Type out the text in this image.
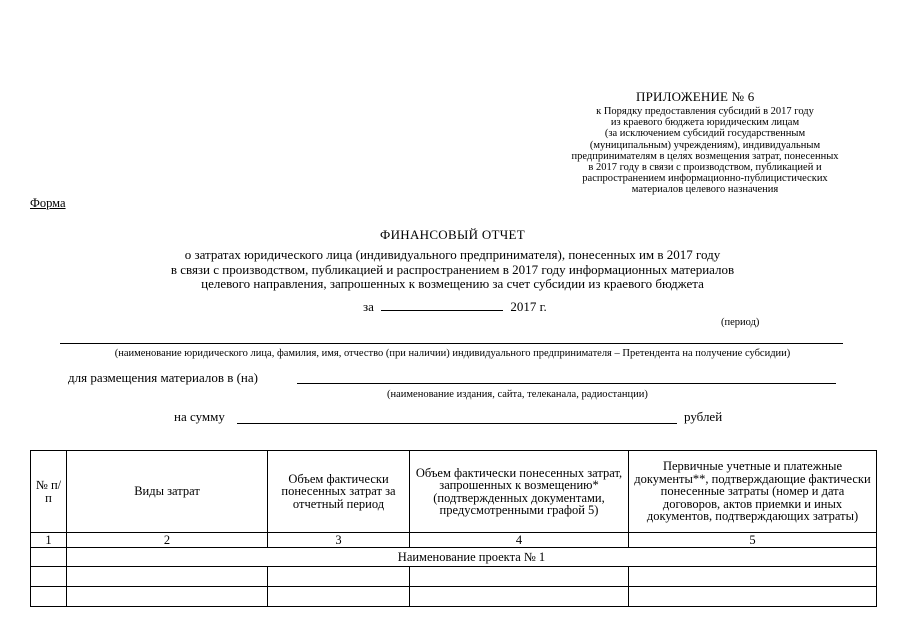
ПРИЛОЖЕНИЕ № 6
к Порядку предоставления субсидий в 2017 году
из краевого бюджета юридическим лицам
(за исключением субсидий государственным
(муниципальным) учреждениям), индивидуальным
предпринимателям в целях возмещения затрат, понесенных
в 2017 году в связи с производством, публикацией и
распространением информационно-публицистических
материалов целевого назначения
Форма
ФИНАНСОВЫЙ ОТЧЕТ
о затратах юридического лица (индивидуального предпринимателя), понесенных им в 2017 году
в связи с производством, публикацией и распространением в 2017 году информационных материалов
целевого направления, запрошенных к возмещению за счет субсидии из краевого бюджета
за	2017 г.
(период)
(наименование юридического лица, фамилия, имя, отчество (при наличии) индивидуального предпринимателя – Претендента на получение субсидии)
для размещения материалов в (на)
(наименование издания, сайта, телеканала, радиостанции)
на сумму	рублей
№ п/п	Виды затрат	Объем фактически понесенных затрат за отчетный период	Объем фактически понесенных затрат, запрошенных к возмещению* (подтвержденных документами, предусмотренными графой 5)	Первичные учетные и платежные документы**, подтверждающие фактически понесенные затраты (номер и дата договоров, актов приемки и иных документов, подтверждающих затраты)
1	2	3	4	5
	Наименование проекта № 1			
